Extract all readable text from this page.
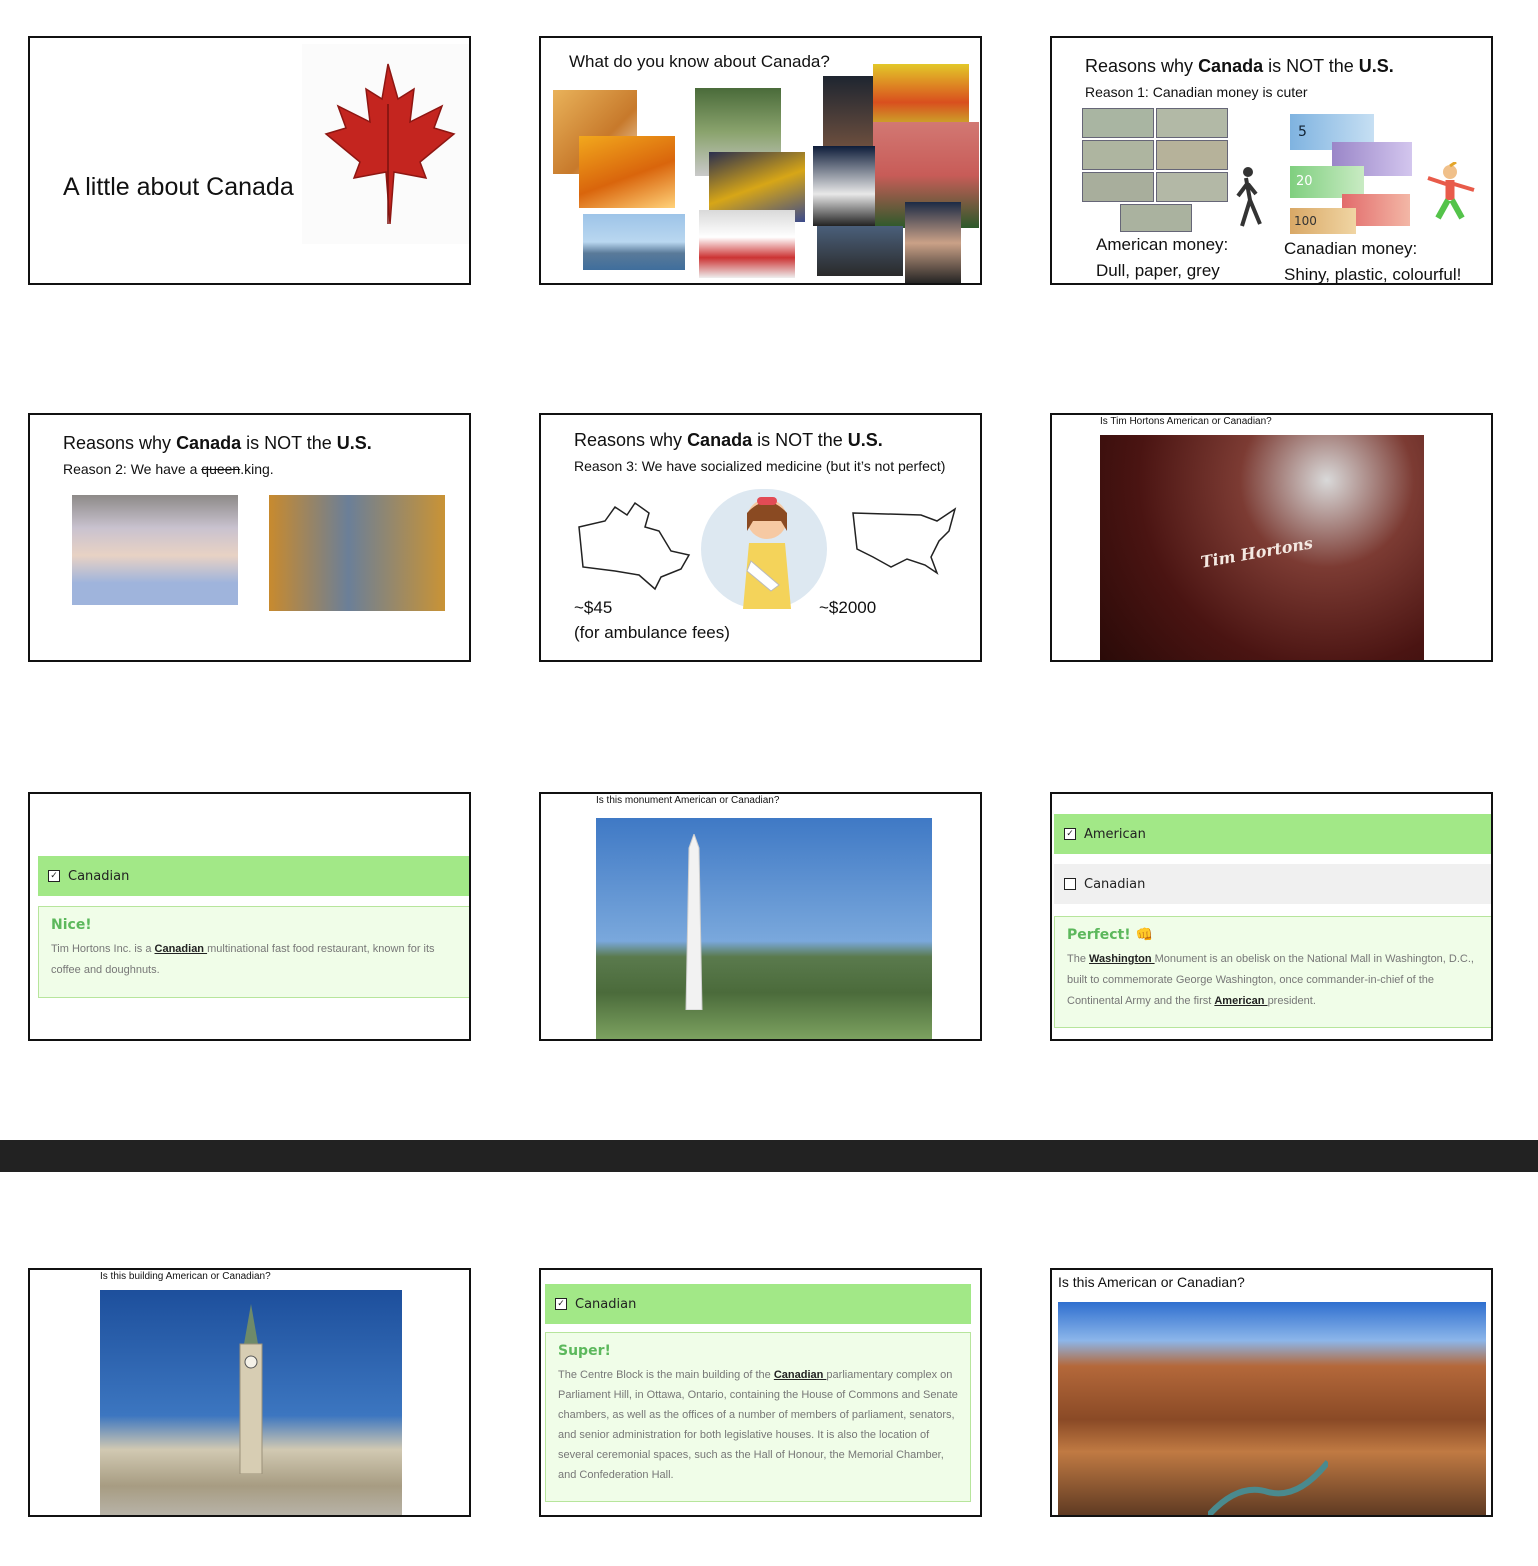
A little about Canada
What do you know about Canada?	Reasons why Canada is NOT the U.S.
Reason 1: Canadian money is cuter
5
20
100
American money:
Dull, paper, grey
Canadian money:
Shiny, plastic, colourful!
Reasons why Canada is NOT the U.S.
Reason 2: We have a queen.king.
Reasons why Canada is NOT the U.S.
Reason 3: We have socialized medicine (but it’s not perfect)
~$45
(for ambulance fees)
~$2000
Is Tim Hortons American or Canadian?
Tim Hortons
✓ Canadian
Nice!
Tim Hortons Inc. is a Canadian multinational fast food restaurant, known for its coffee and doughnuts.
Is this monument American or Canadian?
✓ American
Canadian
Perfect! 👊
The Washington Monument is an obelisk on the National Mall in Washington, D.C., built to commemorate George Washington, once commander-in-chief of the Continental Army and the first American president.
Is this building American or Canadian?
✓ Canadian
Super!
The Centre Block is the main building of the Canadian parliamentary complex on Parliament Hill, in Ottawa, Ontario, containing the House of Commons and Senate chambers, as well as the offices of a number of members of parliament, senators, and senior administration for both legislative houses. It is also the location of several ceremonial spaces, such as the Hall of Honour, the Memorial Chamber, and Confederation Hall.
Is this American or Canadian?
